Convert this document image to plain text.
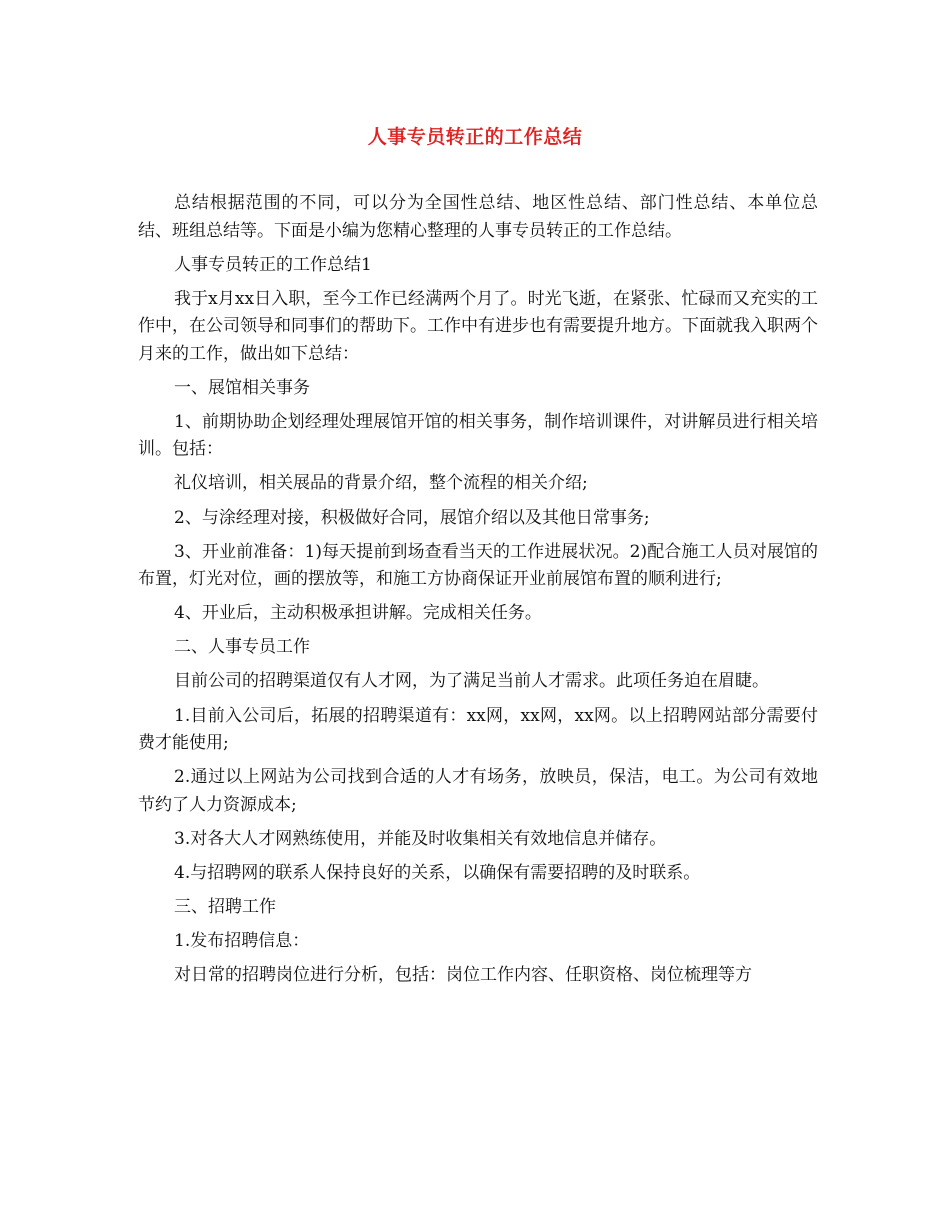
人事专员转正的工作总结

总结根据范围的不同，可以分为全国性总结、地区性总结、部门性总结、本单位总结、班组总结等。下面是小编为您精心整理的人事专员转正的工作总结。

人事专员转正的工作总结1

我于x月xx日入职，至今工作已经满两个月了。时光飞逝，在紧张、忙碌而又充实的工作中，在公司领导和同事们的帮助下。工作中有进步也有需要提升地方。下面就我入职两个月来的工作，做出如下总结：

一、展馆相关事务

1、前期协助企划经理处理展馆开馆的相关事务，制作培训课件，对讲解员进行相关培训。包括：

礼仪培训，相关展品的背景介绍，整个流程的相关介绍;

2、与涂经理对接，积极做好合同，展馆介绍以及其他日常事务;

3、开业前准备：1)每天提前到场查看当天的工作进展状况。2)配合施工人员对展馆的布置，灯光对位，画的摆放等，和施工方协商保证开业前展馆布置的顺利进行;

4、开业后，主动积极承担讲解。完成相关任务。

二、人事专员工作

目前公司的招聘渠道仅有人才网，为了满足当前人才需求。此项任务迫在眉睫。

1.目前入公司后，拓展的招聘渠道有：xx网，xx网，xx网。以上招聘网站部分需要付费才能使用;

2.通过以上网站为公司找到合适的人才有场务，放映员，保洁，电工。为公司有效地节约了人力资源成本;

3.对各大人才网熟练使用，并能及时收集相关有效地信息并储存。

4.与招聘网的联系人保持良好的关系，以确保有需要招聘的及时联系。

三、招聘工作

1.发布招聘信息：

对日常的招聘岗位进行分析，包括：岗位工作内容、任职资格、岗位梳理等方
